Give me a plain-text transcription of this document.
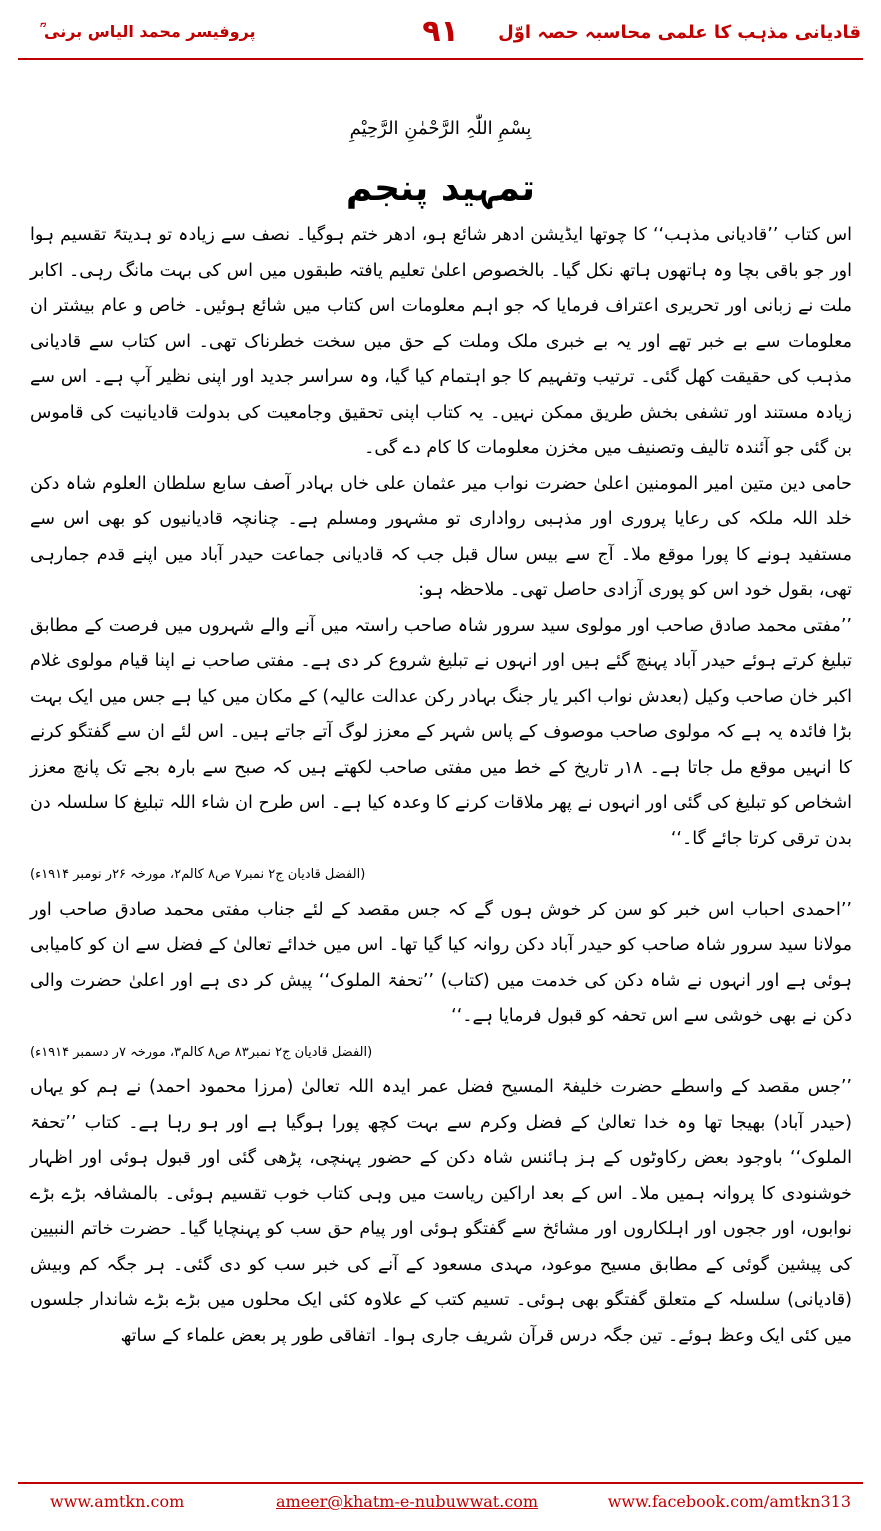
قادیانی مذہب کا علمی محاسبہ حصہ اوّل
۹۱
پروفیسر محمد الیاس برنی ؒ
بِسْمِ اللّٰہِ الرَّحْمٰنِ الرَّحِیْمِ
تمہید پنجم

اس کتاب ’’قادیانی مذہب‘‘ کا چوتھا ایڈیشن ادھر شائع ہو، ادھر ختم ہوگیا۔ نصف سے زیادہ تو ہدیتہً تقسیم ہوا اور جو باقی بچا وہ ہاتھوں ہاتھ نکل گیا۔ بالخصوص اعلیٰ تعلیم یافتہ طبقوں میں اس کی بہت مانگ رہی۔ اکابر ملت نے زبانی اور تحریری اعتراف فرمایا کہ جو اہم معلومات اس کتاب میں شائع ہوئیں۔ خاص و عام بیشتر ان معلومات سے بے خبر تھے اور یہ بے خبری ملک وملت کے حق میں سخت خطرناک تھی۔ اس کتاب سے قادیانی مذہب کی حقیقت کھل گئی۔ ترتیب وتفہیم کا جو اہتمام کیا گیا، وہ سراسر جدید اور اپنی نظیر آپ ہے۔ اس سے زیادہ مستند اور تشفی بخش طریق ممکن نہیں۔ یہ کتاب اپنی تحقیق وجامعیت کی بدولت قادیانیت کی قاموس بن گئی جو آئندہ تالیف وتصنیف میں مخزن معلومات کا کام دے گی۔

حامی دین متین امیر المومنین اعلیٰ حضرت نواب میر عثمان علی خاں بہادر آصف سابع سلطان العلوم شاہ دکن خلد اللہ ملکہ کی رعایا پروری اور مذہبی رواداری تو مشہور ومسلم ہے۔ چنانچہ قادیانیوں کو بھی اس سے مستفید ہونے کا پورا موقع ملا۔ آج سے بیس سال قبل جب کہ قادیانی جماعت حیدر آباد میں اپنے قدم جمارہی تھی، بقول خود اس کو پوری آزادی حاصل تھی۔ ملاحظہ ہو:

’’مفتی محمد صادق صاحب اور مولوی سید سرور شاہ صاحب راستہ میں آنے والے شہروں میں فرصت کے مطابق تبلیغ کرتے ہوئے حیدر آباد پہنچ گئے ہیں اور انہوں نے تبلیغ شروع کر دی ہے۔ مفتی صاحب نے اپنا قیام مولوی غلام اکبر خان صاحب وکیل (بعدش نواب اکبر یار جنگ بہادر رکن عدالت عالیہ) کے مکان میں کیا ہے جس میں ایک بہت بڑا فائدہ یہ ہے کہ مولوی صاحب موصوف کے پاس شہر کے معزز لوگ آتے جاتے ہیں۔ اس لئے ان سے گفتگو کرنے کا انہیں موقع مل جاتا ہے۔ ۱۸ر تاریخ کے خط میں مفتی صاحب لکھتے ہیں کہ صبح سے بارہ بجے تک پانچ معزز اشخاص کو تبلیغ کی گئی اور انہوں نے پھر ملاقات کرنے کا وعدہ کیا ہے۔ اس طرح ان شاء اللہ تبلیغ کا سلسلہ دن بدن ترقی کرتا جائے گا۔‘‘

(الفضل قادیان ج۲ نمبر۷ ص۸ کالم۲، مورخہ ۲۶ر نومبر ۱۹۱۴ء)

’’احمدی احباب اس خبر کو سن کر خوش ہوں گے کہ جس مقصد کے لئے جناب مفتی محمد صادق صاحب اور مولانا سید سرور شاہ صاحب کو حیدر آباد دکن روانہ کیا گیا تھا۔ اس میں خدائے تعالیٰ کے فضل سے ان کو کامیابی ہوئی ہے اور انہوں نے شاہ دکن کی خدمت میں (کتاب) ’’تحفۃ الملوک‘‘ پیش کر دی ہے اور اعلیٰ حضرت والی دکن نے بھی خوشی سے اس تحفہ کو قبول فرمایا ہے۔‘‘

(الفضل قادیان ج۲ نمبر۸۳ ص۸ کالم۳، مورخہ ۷ر دسمبر ۱۹۱۴ء)

’’جس مقصد کے واسطے حضرت خلیفۃ المسیح فضل عمر ایدہ اللہ تعالیٰ (مرزا محمود احمد) نے ہم کو یہاں (حیدر آباد) بھیجا تھا وہ خدا تعالیٰ کے فضل وکرم سے بہت کچھ پورا ہوگیا ہے اور ہو رہا ہے۔ کتاب ’’تحفۃ الملوک‘‘ باوجود بعض رکاوٹوں کے ہز ہائنس شاہ دکن کے حضور پہنچی، پڑھی گئی اور قبول ہوئی اور اظہار خوشنودی کا پروانہ ہمیں ملا۔ اس کے بعد اراکین ریاست میں وہی کتاب خوب تقسیم ہوئی۔ بالمشافہ بڑے بڑے نوابوں، اور ججوں اور اہلکاروں اور مشائخ سے گفتگو ہوئی اور پیام حق سب کو پہنچایا گیا۔ حضرت خاتم النبیین کی پیشین گوئی کے مطابق مسیح موعود، مہدی مسعود کے آنے کی خبر سب کو دی گئی۔ ہر جگہ کم وبیش (قادیانی) سلسلہ کے متعلق گفتگو بھی ہوئی۔ تسیم کتب کے علاوہ کئی ایک محلوں میں بڑے بڑے شاندار جلسوں میں کئی ایک وعظ ہوئے۔ تین جگہ درس قرآن شریف جاری ہوا۔ اتفاقی طور پر بعض علماء کے ساتھ

www.amtkn.com	ameer@khatm-e-nubuwwat.com	www.facebook.com/amtkn313
